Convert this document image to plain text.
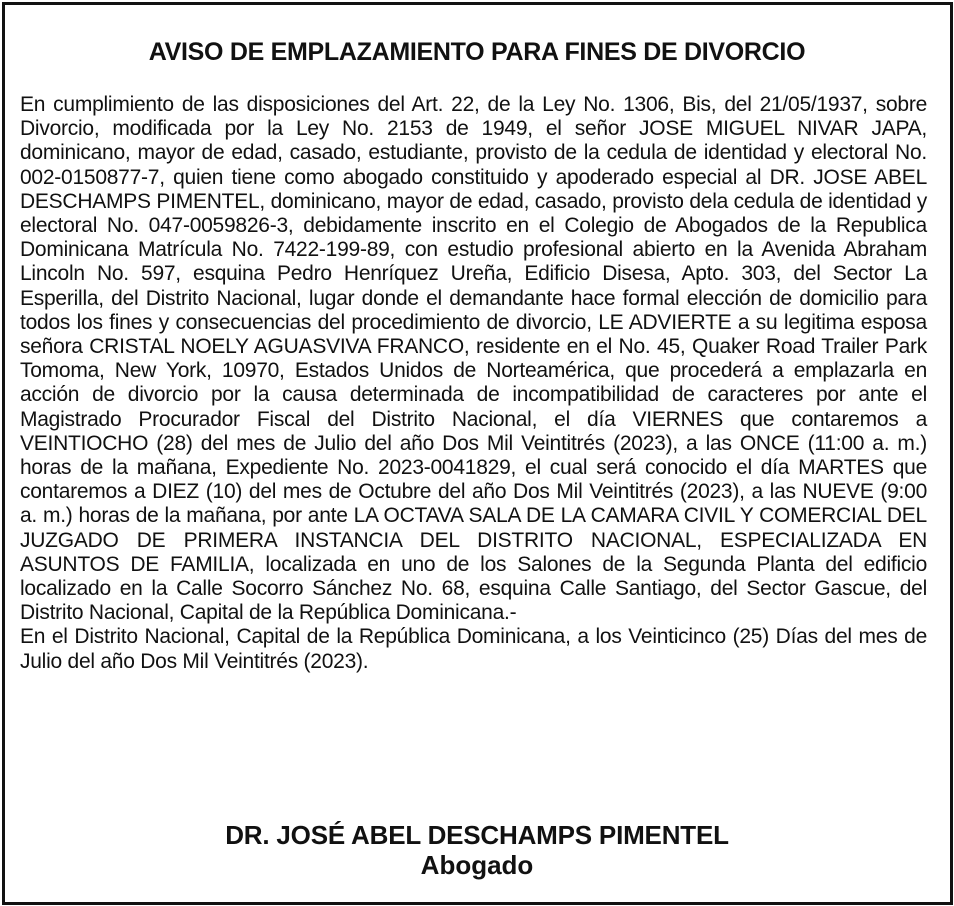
AVISO DE EMPLAZAMIENTO PARA FINES DE DIVORCIO

En cumplimiento de las disposiciones del Art. 22, de la Ley No. 1306, Bis, del 21/05/1937, sobre Divorcio, modificada por la Ley No. 2153 de 1949, el señor JOSE MIGUEL NIVAR JAPA, dominicano, mayor de edad, casado, estudiante, provisto de la cedula de identidad y electoral No. 002-0150877-7, quien tiene como abogado constituido y apoderado especial al DR. JOSE ABEL DESCHAMPS PIMENTEL, dominicano, mayor de edad, casado, provisto dela cedula de identidad y electoral No. 047-0059826-3, debidamente inscrito en el Colegio de Abogados de la Republica Dominicana Matrícula No. 7422-199-89, con estudio profesional abierto en la Avenida Abraham Lincoln No. 597, esquina Pedro Henríquez Ureña, Edificio Disesa, Apto. 303, del Sector La Esperilla, del Distrito Nacional, lugar donde el demandante hace formal elección de domicilio para todos los fines y consecuencias del procedimiento de divorcio, LE ADVIERTE a su legitima esposa señora CRISTAL NOELY AGUASVIVA FRANCO, residente en el No. 45, Quaker Road Trailer Park Tomoma, New York, 10970, Estados Unidos de Norteamérica, que procederá a emplazarla en acción de divorcio por la causa determinada de incompatibilidad de caracteres por ante el Magistrado Procurador Fiscal del Distrito Nacional, el día VIERNES que contaremos a VEINTIOCHO (28) del mes de Julio del año Dos Mil Veintitrés (2023), a las ONCE (11:00 a. m.) horas de la mañana, Expediente No. 2023-0041829, el cual será conocido el día MARTES que contaremos a DIEZ (10) del mes de Octubre del año Dos Mil Veintitrés (2023), a las NUEVE (9:00 a. m.) horas de la mañana, por ante LA OCTAVA SALA DE LA CAMARA CIVIL Y COMERCIAL DEL JUZGADO DE PRIMERA INSTANCIA DEL DISTRITO NACIONAL, ESPECIALIZADA EN ASUNTOS DE FAMILIA, localizada en uno de los Salones de la Segunda Planta del edificio localizado en la Calle Socorro Sánchez No. 68, esquina Calle Santiago, del Sector Gascue, del Distrito Nacional, Capital de la República Dominicana.-

En el Distrito Nacional, Capital de la República Dominicana, a los Veinticinco (25) Días del mes de Julio del año Dos Mil Veintitrés (2023).

DR. JOSÉ ABEL DESCHAMPS PIMENTEL
Abogado
